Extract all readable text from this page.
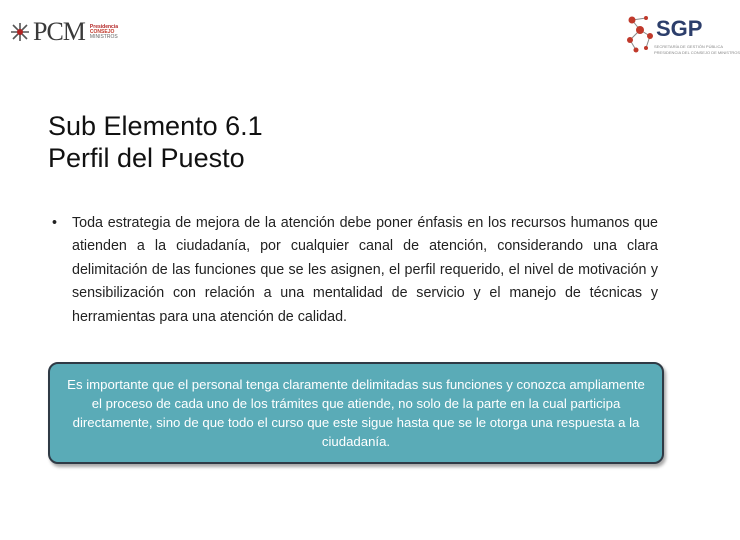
PCM Presidencia
CONSEJO
MINISTROS	SGP
SECRETARÍA DE GESTIÓN PÚBLICA
PRESIDENCIA DEL CONSEJO DE MINISTROS
Sub Elemento 6.1
Perfil del Puesto
•	Toda estrategia de mejora de la atención debe poner énfasis en los recursos humanos que atienden a la ciudadanía, por cualquier canal de atención, considerando una clara delimitación de las funciones que se les asignen, el perfil requerido, el nivel de motivación y sensibilización con relación a una mentalidad de servicio y el manejo de técnicas y herramientas para una atención de calidad.
Es importante que el personal tenga claramente delimitadas sus funciones y conozca ampliamente el proceso de cada uno de los trámites que atiende, no solo de la parte en la cual participa directamente, sino de que todo el curso que este sigue hasta que se le otorga una respuesta a la ciudadanía.
